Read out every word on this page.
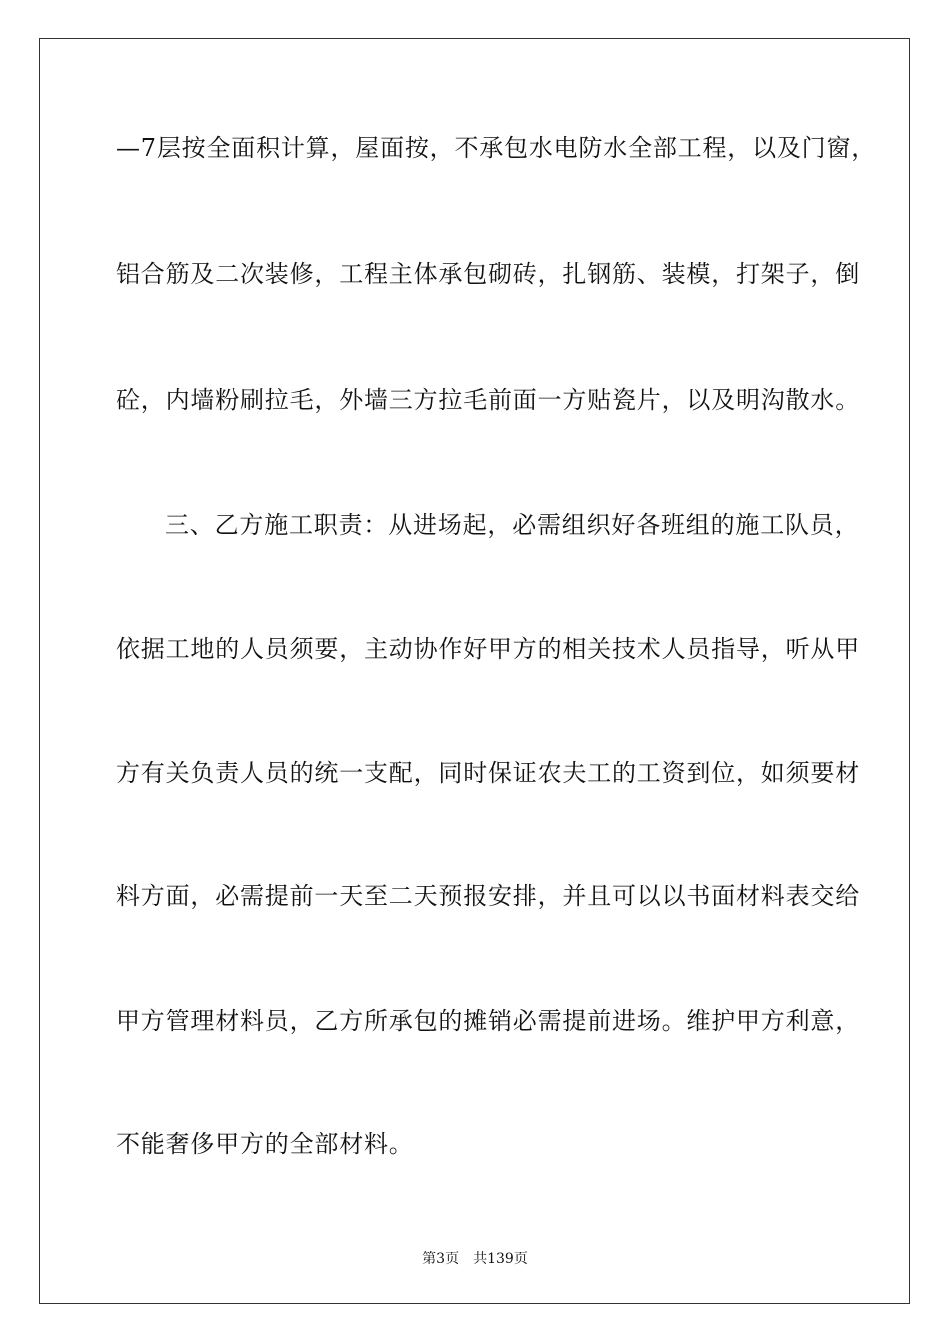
—7层按全面积计算，屋面按，不承包水电防水全部工程，以及门窗，
铝合筋及二次装修，工程主体承包砌砖，扎钢筋、装模，打架子，倒
砼，内墙粉刷拉毛，外墙三方拉毛前面一方贴瓷片，以及明沟散水。
三、乙方施工职责：从进场起，必需组织好各班组的施工队员，
依据工地的人员须要，主动协作好甲方的相关技术人员指导，听从甲
方有关负责人员的统一支配，同时保证农夫工的工资到位，如须要材
料方面，必需提前一天至二天预报安排，并且可以以书面材料表交给
甲方管理材料员，乙方所承包的摊销必需提前进场。维护甲方利意，
不能奢侈甲方的全部材料。
第3页 共139页
